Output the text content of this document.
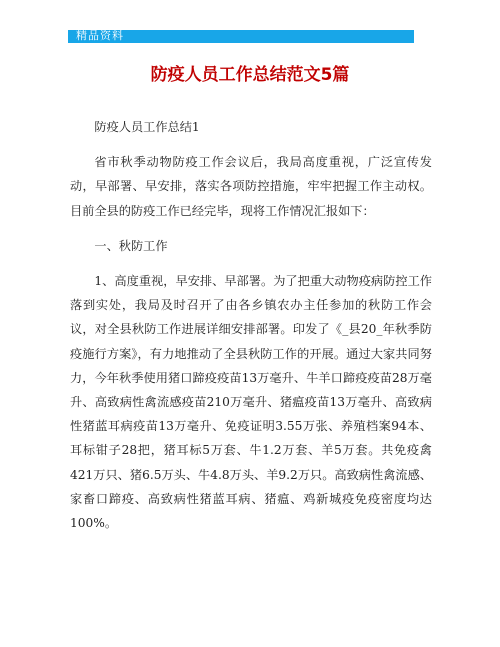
精品资料
防疫人员工作总结范文5篇

防疫人员工作总结1

省市秋季动物防疫工作会议后，我局高度重视，广泛宣传发动，早部署、早安排，落实各项防控措施，牢牢把握工作主动权。目前全县的防疫工作已经完毕，现将工作情况汇报如下：

一、秋防工作

1、高度重视，早安排、早部署。为了把重大动物疫病防控工作落到实处，我局及时召开了由各乡镇农办主任参加的秋防工作会议，对全县秋防工作进展详细安排部署。印发了《_县20_年秋季防疫施行方案》，有力地推动了全县秋防工作的开展。通过大家共同努力，今年秋季使用猪口蹄疫疫苗13万毫升、牛羊口蹄疫疫苗28万毫升、高致病性禽流感疫苗210万毫升、猪瘟疫苗13万毫升、高致病性猪蓝耳病疫苗13万毫升、免疫证明3.55万张、养殖档案94本、耳标钳子28把，猪耳标5万套、牛1.2万套、羊5万套。共免疫禽421万只、猪6.5万头、牛4.8万头、羊9.2万只。高致病性禽流感、家畜口蹄疫、高致病性猪蓝耳病、猪瘟、鸡新城疫免疫密度均达100%。
